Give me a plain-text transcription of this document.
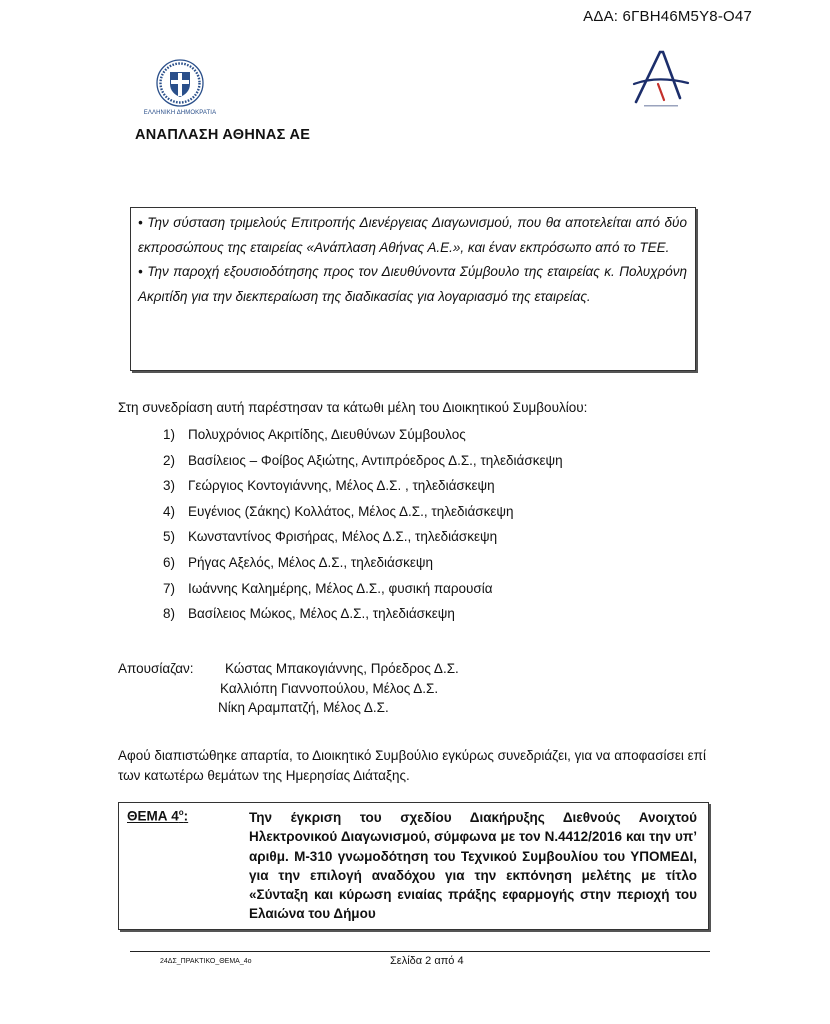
ΑΔΑ: 6ΓΒΗ46Μ5Υ8-Ο47
ΕΛΛΗΝΙΚΗ ΔΗΜΟΚΡΑΤΙΑ
ΑΝΑΠΛΑΣΗ ΑΘΗΝΑΣ ΑΕ

• Την σύσταση τριμελούς Επιτροπής Διενέργειας Διαγωνισμού, που θα αποτελείται από δύο εκπροσώπους της εταιρείας «Ανάπλαση Αθήνας Α.Ε.», και έναν εκπρόσωπο από το ΤΕΕ.

• Την παροχή εξουσιοδότησης προς τον Διευθύνοντα Σύμβουλο της εταιρείας κ. Πολυχρόνη Ακριτίδη για την διεκπεραίωση της διαδικασίας για λογαριασμό της εταιρείας.

Στη συνεδρίαση αυτή παρέστησαν τα κάτωθι μέλη του Διοικητικού Συμβουλίου:
1) Πολυχρόνιος Ακριτίδης, Διευθύνων Σύμβουλος
2) Βασίλειος – Φοίβος Αξιώτης, Αντιπρόεδρος Δ.Σ., τηλεδιάσκεψη
3) Γεώργιος Κοντογιάννης, Μέλος Δ.Σ. , τηλεδιάσκεψη
4) Ευγένιος (Σάκης) Κολλάτος, Μέλος Δ.Σ., τηλεδιάσκεψη
5) Κωνσταντίνος Φρισήρας, Μέλος Δ.Σ., τηλεδιάσκεψη
6) Ρήγας Αξελός, Μέλος Δ.Σ., τηλεδιάσκεψη
7) Ιωάννης Καλημέρης, Μέλος Δ.Σ., φυσική παρουσία
8) Βασίλειος Μώκος, Μέλος Δ.Σ., τηλεδιάσκεψη
Απουσίαζαν:	Κώστας Μπακογιάννης, Πρόεδρος Δ.Σ.
Καλλιόπη Γιαννοπούλου, Μέλος Δ.Σ.
Νίκη Αραμπατζή, Μέλος Δ.Σ.
Αφού διαπιστώθηκε απαρτία, το Διοικητικό Συμβούλιο εγκύρως συνεδριάζει, για να αποφασίσει επί των κατωτέρω θεμάτων της Ημερησίας Διάταξης.
ΘΕΜΑ $4^o$:	Την έγκριση του σχεδίου Διακήρυξης Διεθνούς Ανοιχτού Ηλεκτρονικού Διαγωνισμού, σύμφωνα με τον Ν.4412/2016 και την υπ’ αριθμ. Μ-310 γνωμοδότηση του Τεχνικού Συμβουλίου του ΥΠΟΜΕΔΙ, για την επιλογή αναδόχου για την εκπόνηση μελέτης με τίτλο «Σύνταξη και κύρωση ενιαίας πράξης εφαρμογής στην περιοχή του Ελαιώνα του Δήμου

24ΔΣ_ΠΡΑΚΤΙΚΟ_ΘΕΜΑ_4ο	Σελίδα 2 από 4
